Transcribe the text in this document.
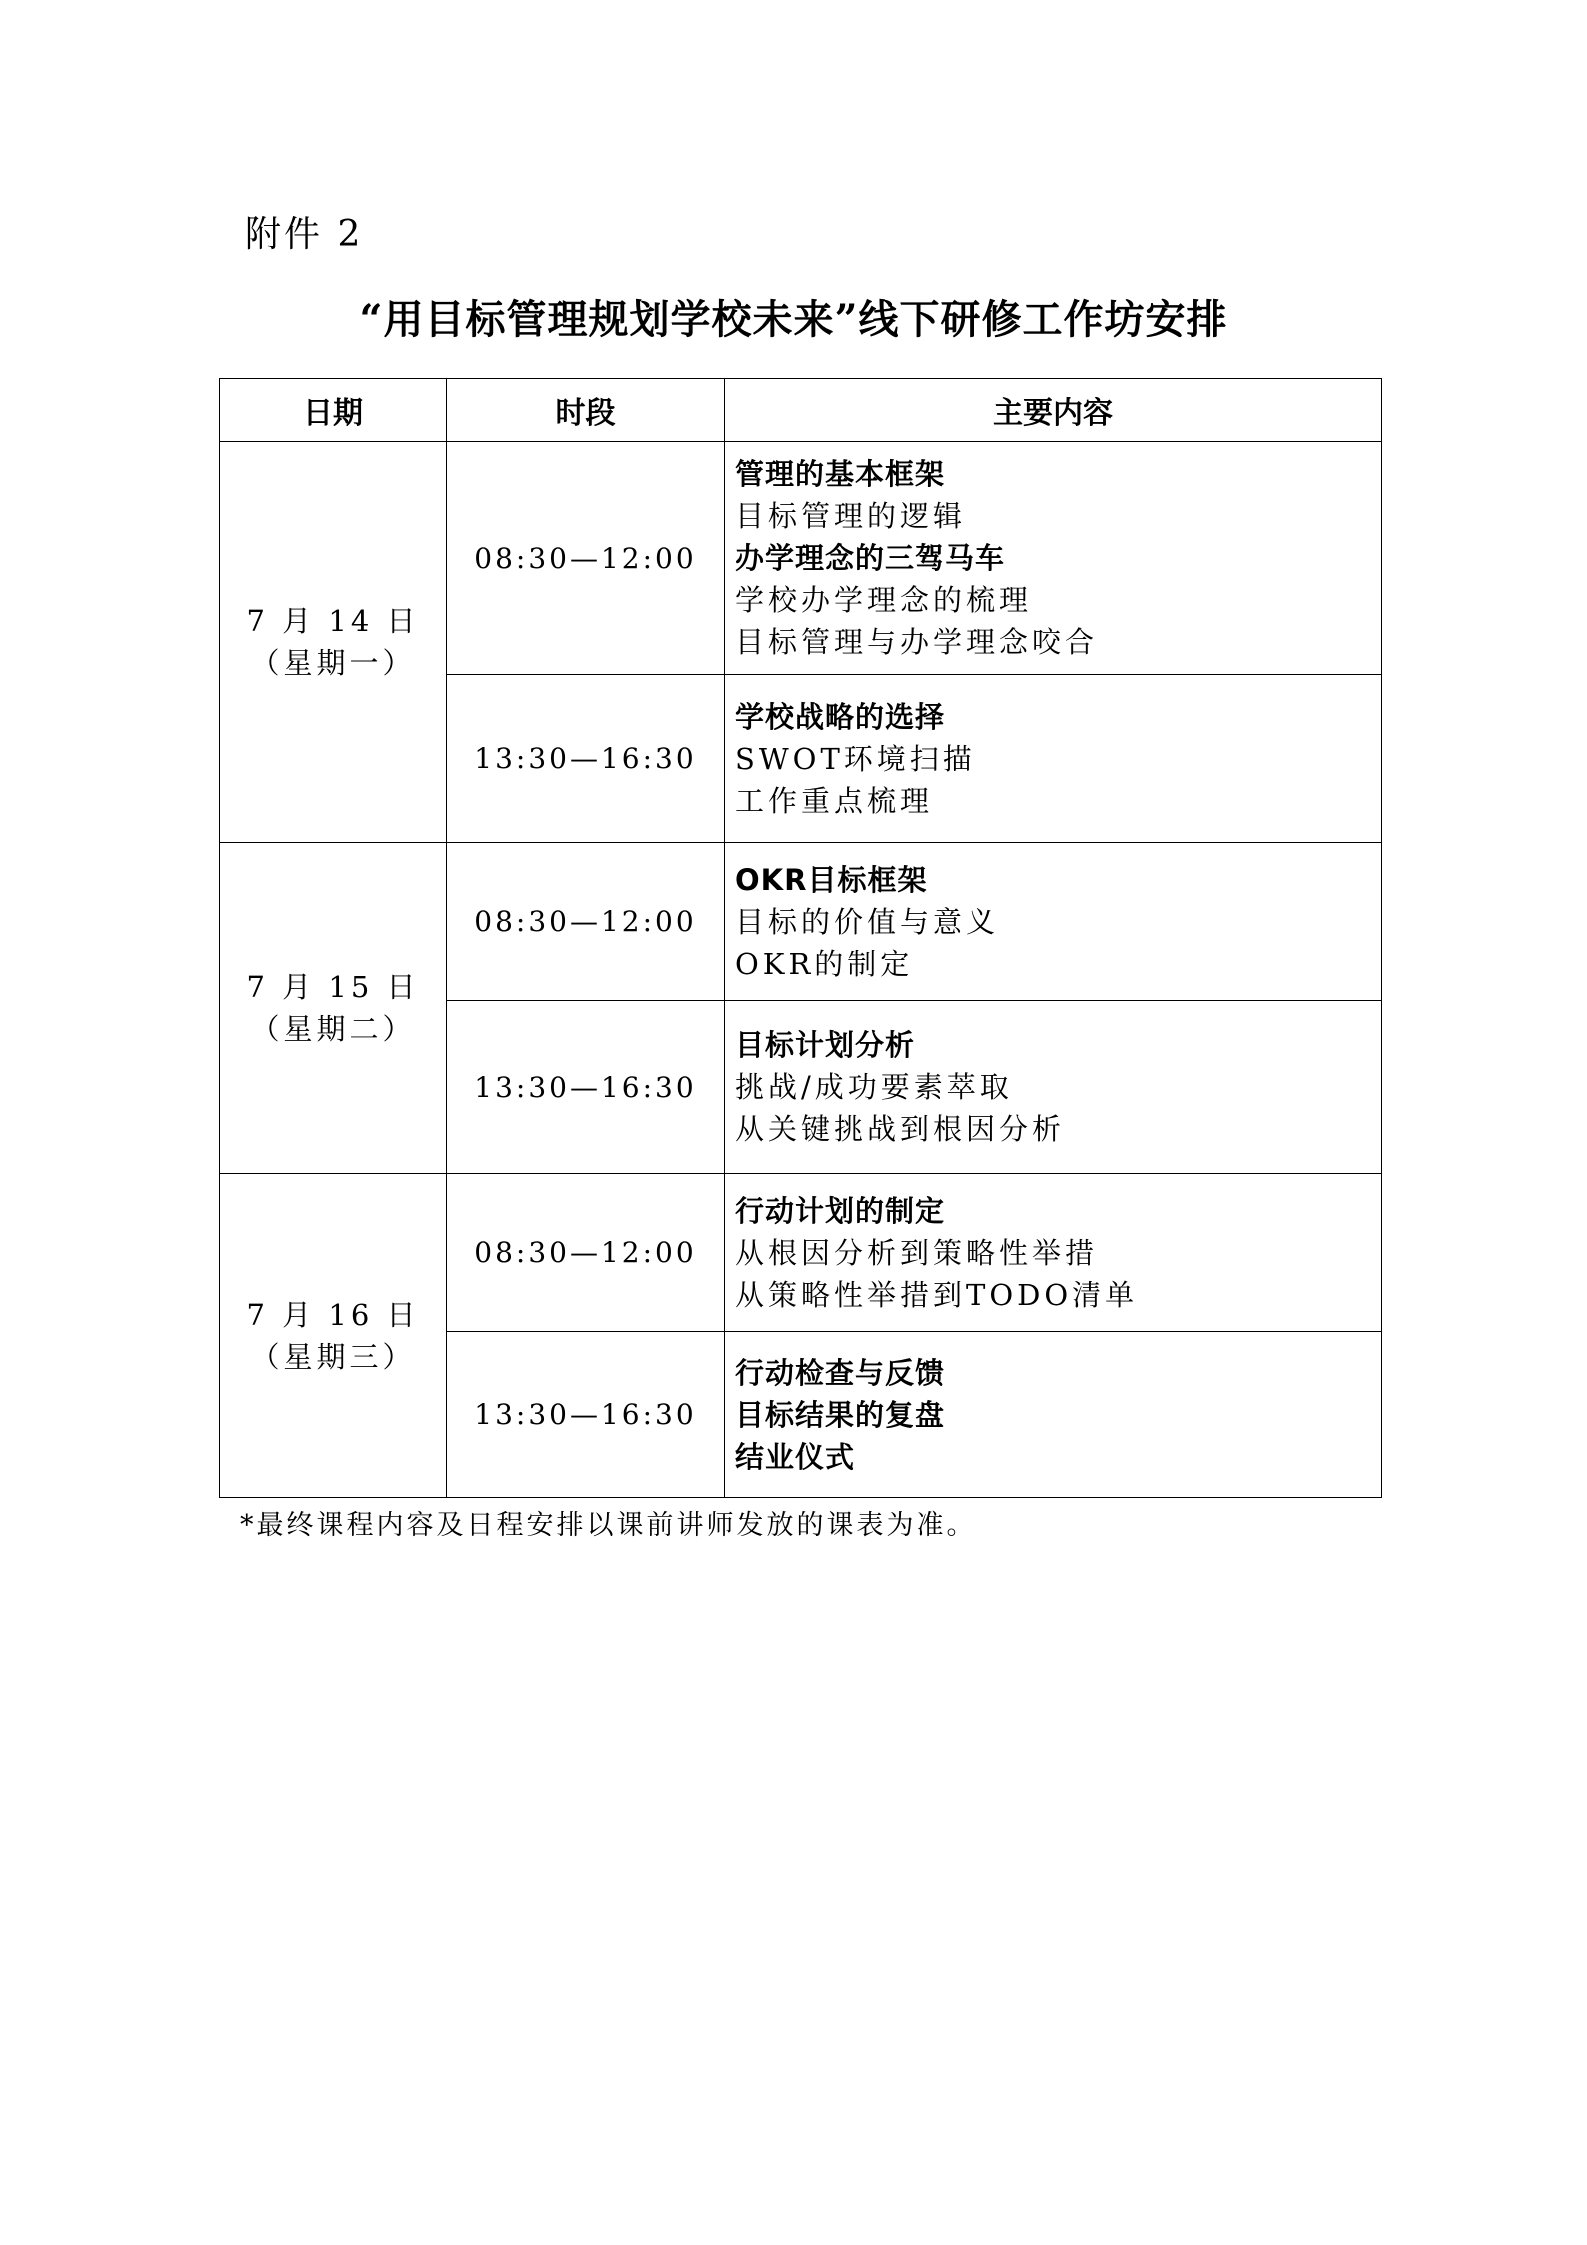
附件 2
“用目标管理规划学校未来”线下研修工作坊安排
日期	时段	主要内容

7 月 14 日
（星期一）	08:30—12:00	管理的基本框架
目标管理的逻辑
办学理念的三驾马车
学校办学理念的梳理
目标管理与办学理念咬合

	13:30—16:30	学校战略的选择
SWOT环境扫描
工作重点梳理

7 月 15 日
（星期二）	08:30—12:00	OKR目标框架
目标的价值与意义
OKR的制定

	13:30—16:30	目标计划分析
挑战/成功要素萃取
从关键挑战到根因分析

7 月 16 日
（星期三）	08:30—12:00	行动计划的制定
从根因分析到策略性举措
从策略性举措到TODO清单

	13:30—16:30	行动检查与反馈
目标结果的复盘
结业仪式
*最终课程内容及日程安排以课前讲师发放的课表为准。
